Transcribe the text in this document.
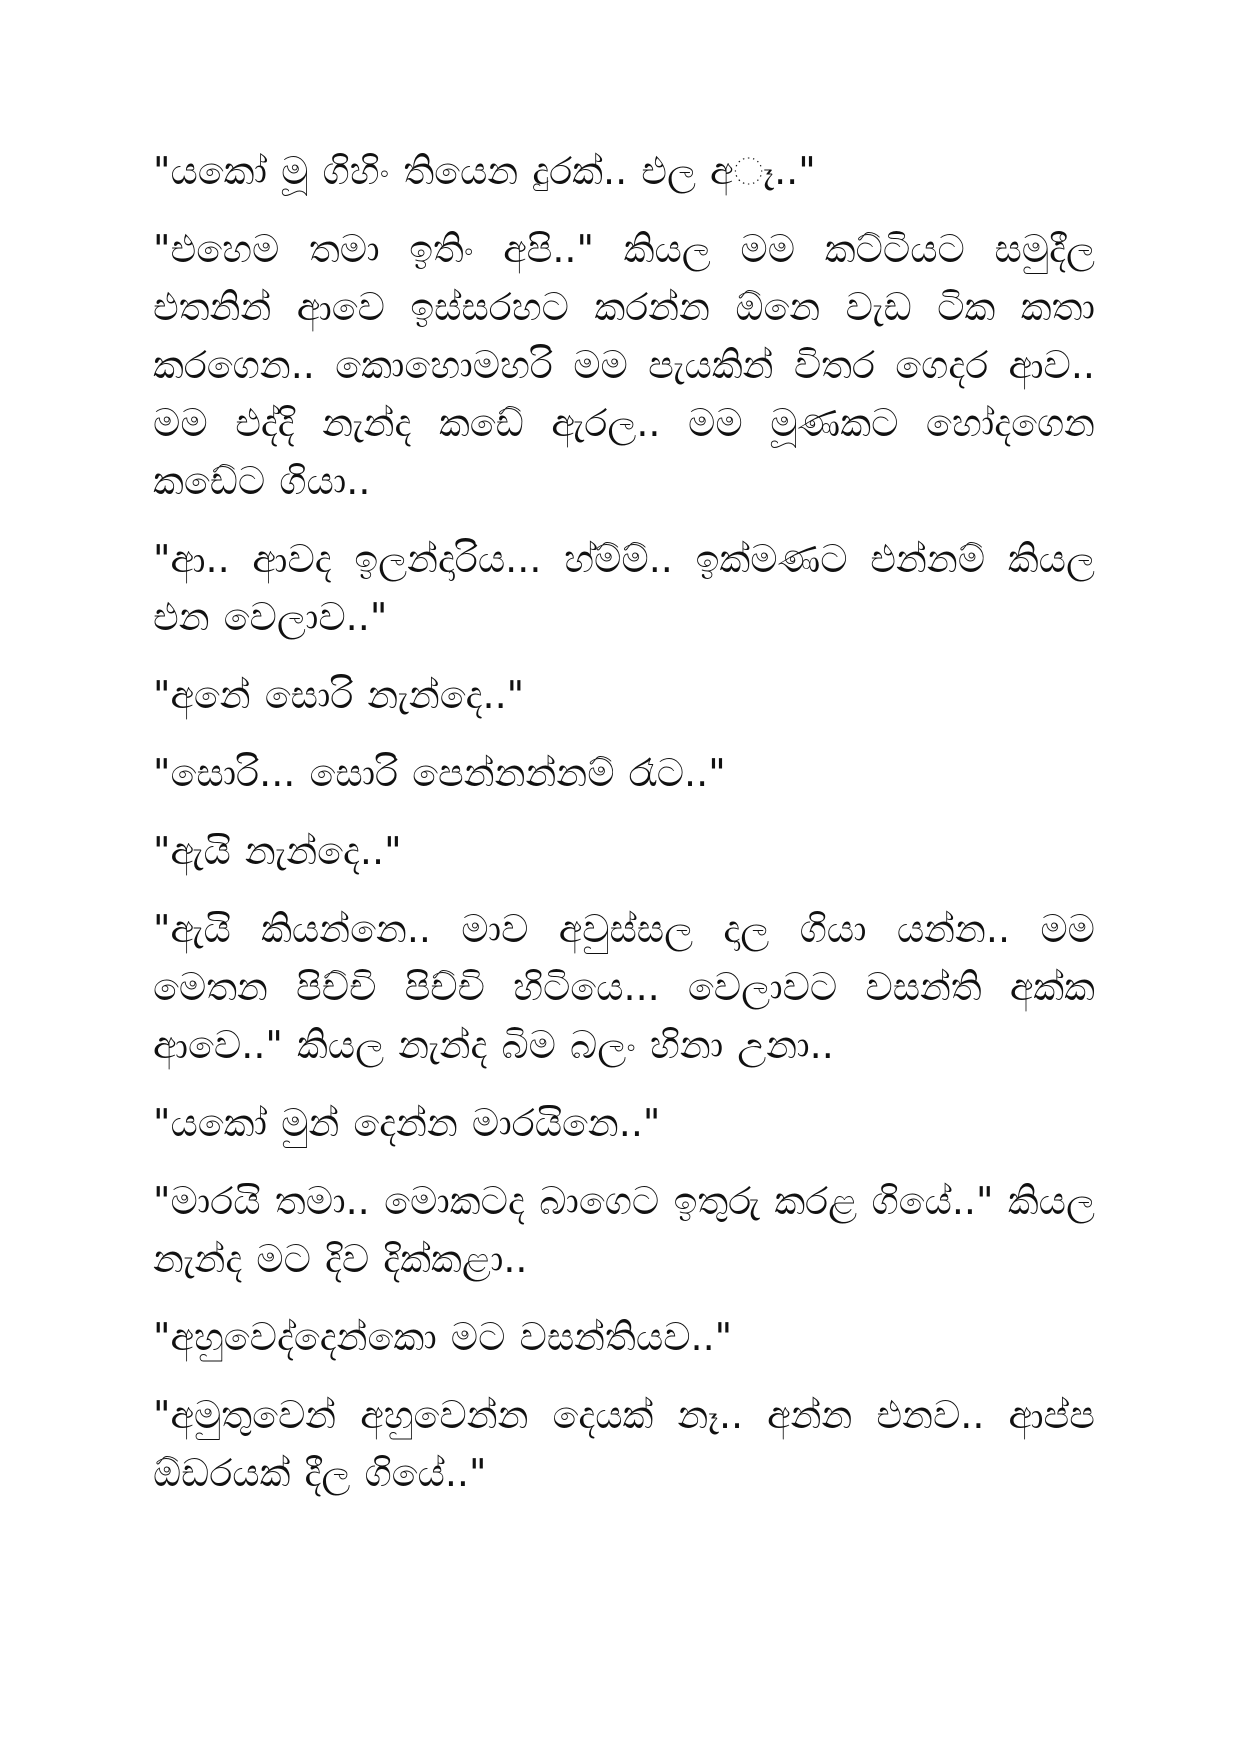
"යකෝ මූ ගිහිං තියෙන දුරක්.. එල අෑ.."

"එහෙම තමා ඉතිං අපි.." කියල මම කට්ටියට සමුදීල එතනින් ආවෙ ඉස්සරහට කරන්න ඕනෙ වැඩ ටික කතා කරගෙන.. කොහොමහරි මම පැයකින් විතර ගෙදර ආව.. මම එද්දි නැන්ද කඩේ ඇරල.. මම මූණකට හෝදගෙන කඩේට ගියා..

"ආ.. ආවද ඉලන්දාරිය... හ්ම්ම්.. ඉක්මණට එන්නම් කියල එන වෙලාව.."

"අනේ සොරි නැන්දෙ.."

"සොරි... සොරි පෙන්නන්නම් රෑට.."

"ඇයි නැන්දෙ.."

"ඇයි කියන්නෙ.. මාව අවුස්සල දාල ගියා යන්න.. මම මෙතන පිච්චි පිච්චි හිටියෙ... වෙලාවට වසන්ති අක්ක ආවෙ.." කියල නැන්ද බිම බලං හිනා උනා..

"යකෝ මුන් දෙන්න මාරයිනෙ.."

"මාරයි තමා.. මොකටද බාගෙට ඉතුරු කරළ ගියේ.." කියල නැන්ද මට දිව දික්කළා..

"අහුවෙද්දෙන්කො මට වසන්තියව.."

"අමුතුවෙන් අහුවෙන්න දෙයක් නෑ.. අන්න එනව.. ආප්ප ඕඩරයක් දීල ගියේ.."
